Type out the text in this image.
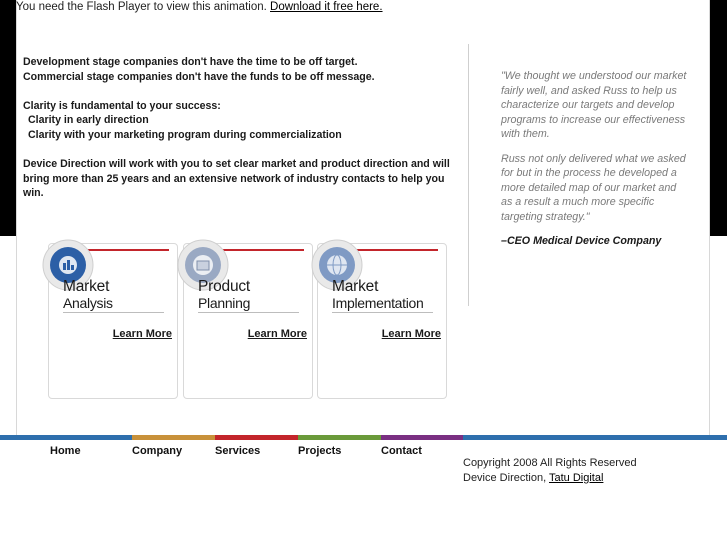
You need the Flash Player to view this animation. Download it free here.

Development stage companies don't have the time to be off target.

Commercial stage companies don't have the funds to be off message.

Clarity is fundamental to your success:

Clarity in early direction

Clarity with your marketing program during commercialization

Device Direction will work with you to set clear market and product direction and will bring more than 25 years and an extensive network of industry contacts to help you win.

"We thought we understood our market fairly well, and asked Russ to help us characterize our targets and develop programs to increase our effectiveness with them.

Russ not only delivered what we asked for but in the process he developed a more detailed map of our market and as a result a much more specific targeting strategy."

–CEO Medical Device Company

Market
Analysis
Learn More
Product
Planning
Learn More
Market
Implementation
Learn More
Home	Company	Services	Projects	Contact
Copyright 2008 All Rights Reserved
Device Direction, Tatu Digital
